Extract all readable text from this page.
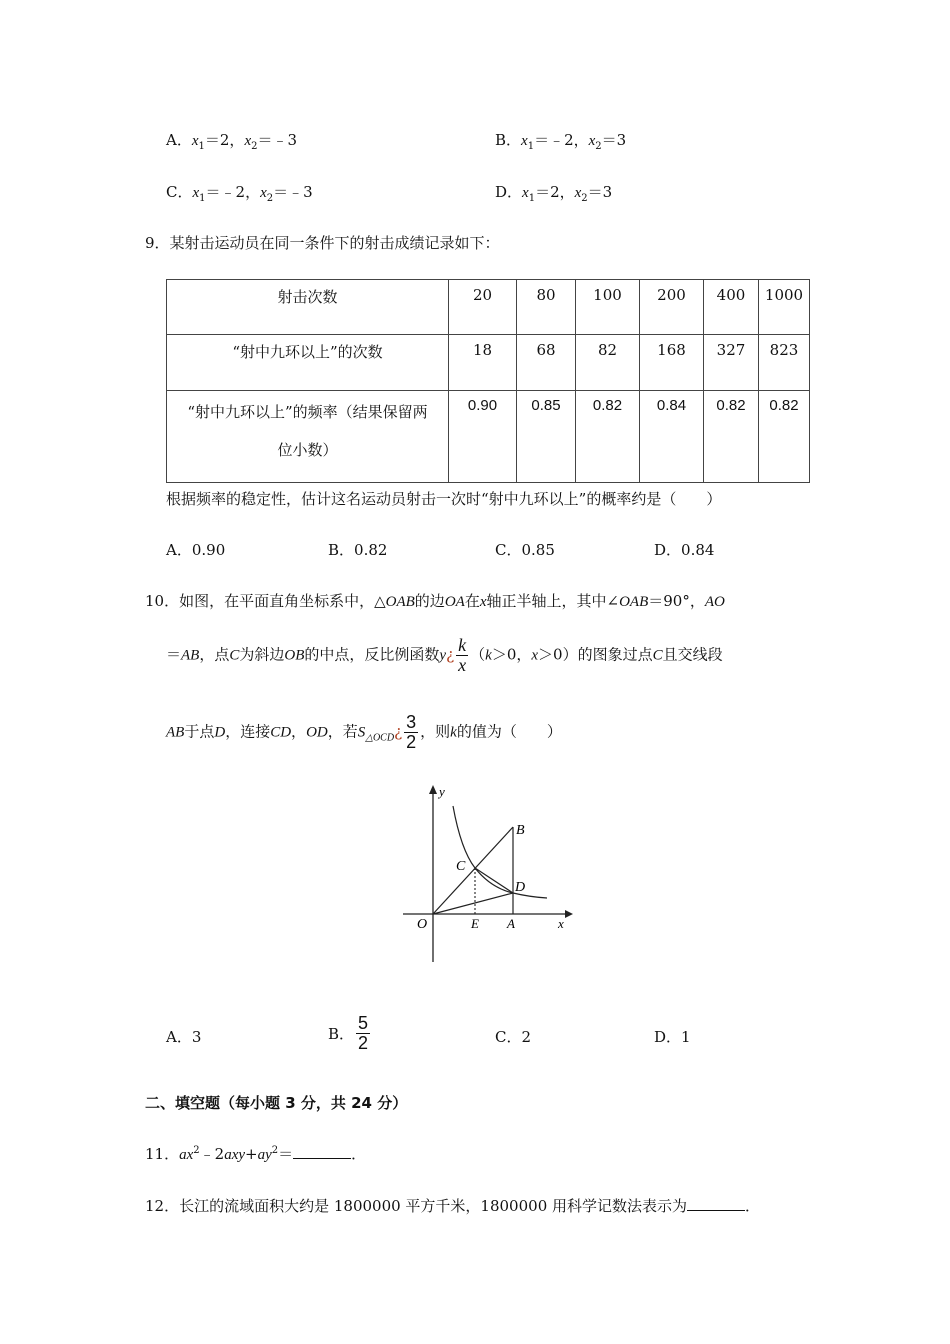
A．$x_1=2$，$x_2=﹣3$	B．$x_1=﹣2$，$x_2=3$
C．$x_1=﹣2$，$x_2=﹣3$	D．$x_1=2$，$x_2=3$
9．某射击运动员在同一条件下的射击成绩记录如下：
射击次数	20	80	100	200	400	1000
“射中九环以上”的次数	18	68	82	168	327	823
“射中九环以上”的频率（结果保留两
位小数）	0.90	0.85	0.82	0.84	0.82	0.82
根据频率的稳定性，估计这名运动员射击一次时“射中九环以上”的概率约是（　　）
A．0.90	B．0.82	C．0.85	D．0.84
10．如图，在平面直角坐标系中，△OAB的边OA在x轴正半轴上，其中∠OAB＝90°，AO
＝AB，点C为斜边OB的中点，反比例函数y¿ $\frac{k}{x} (k>0$，x＞0）的图象过点C且交线段
AB于点D，连接CD，OD，若$S_{\triangle OCD}¿ \frac{3}{2}$ ，则k的值为（　　）
y
B
C
D
O	E A	x
A．3	B． $\frac{5}{2}$	C．2	D．1
二、填空题（每小题 3 分，共 24 分）
11．$ax^2﹣2axy+ay^2=$	．
12．长江的流域面积大约是 1800000 平方千米，1800000 用科学记数法表示为	．
